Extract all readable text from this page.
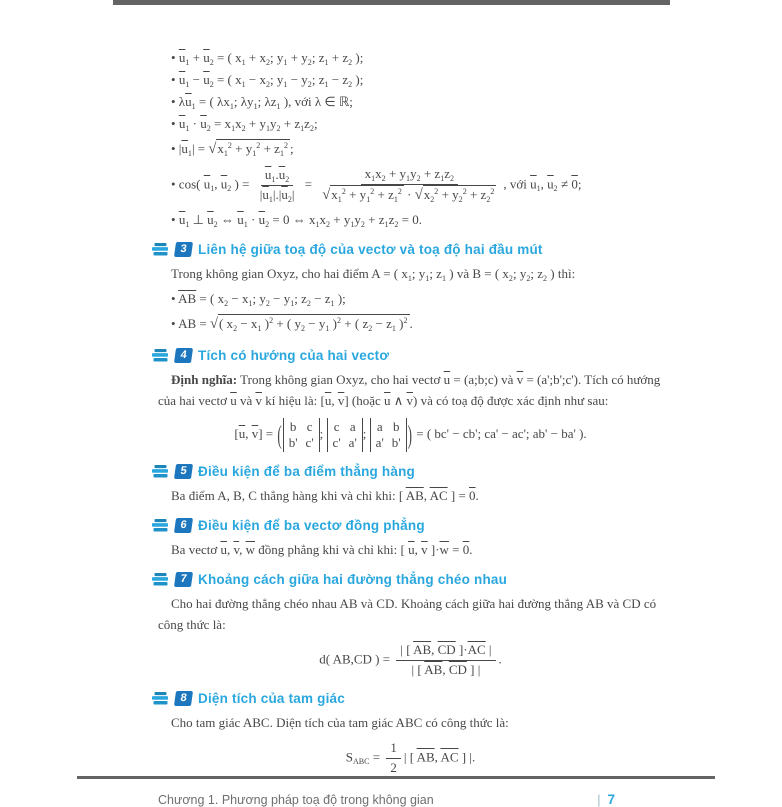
• $\overline{u}_1 + \overline{u}_2$ = ( $x_1 + x_2$; $y_1 + y_2$; $z_1 + z_2$ );
• $\overline{u}_1 - \overline{u}_2$ = ( $x_1 - x_2$; $y_1 - y_2$; $z_1 - z_2$ );
• $\lambda\overline{u}_1$ = ( $\lambda x_1$; $\lambda y_1$; $\lambda z_1$ ), với λ ∈ ℝ;
• $\overline{u}_1 \cdot \overline{u}_2 = x_1x_2 + y_1y_2 + z_1z_2$;
• $|\overline{u}_1| = √x_1^2 + y_1^2 + z_1^2$ ;
• cos( $\overline{u}_1$, $\overline{u}_2$ ) = $\frac{\overline{u}_1.\overline{u}_2}{|\overline{u}_1|.|\overline{u}_2|} = \frac{x_1x_2 + y_1y_2 + z_1z_2}{√x_1^2 + y_1^2 + z_1^2 \cdot √x_2^2 + y_2^2 + z_2^2}$ , với $\overline{u}_1$, $\overline{u}_2 \ne 0$;
• $\overline{u}_1$ ⊥ $\overline{u}_2$ ⇔ $\overline{u}_1 \cdot \overline{u}_2 = 0$ ⇔ $x_1x_2 + y_1y_2 + z_1z_2 = 0$.
3 Liên hệ giữa toạ độ của vectơ và toạ độ hai đầu mút

Trong không gian Oxyz, cho hai điểm A = ( $x_1$; $y_1$; $z_1$ ) và B = ( $x_2$; $y_2$; $z_2$ ) thì:

• $\overline{AB}$ = ( $x_2 - x_1$; $y_2 - y_1$; $z_2 - z_1$ );
• AB = √( $x_2 - x_1$ )$^2$ + ( $y_2 - y_1$ )$^2$ + ( $z_2 - z_1$ )$^2$ .
4 Tích có hướng của hai vectơ

Định nghĩa: Trong không gian Oxyz, cho hai vectơ $\overline{u}$ = (a;b;c) và $\overline{v}$ = (a';b';c'). Tích có hướng của hai vectơ $\overline{u}$ và $\overline{v}$ kí hiệu là: [$\overline{u}$, $\overline{v}$] (hoặc $\overline{u}$ ∧ $\overline{v}$) và có toạ độ được xác định như sau:

[$\overline{u}$, $\overline{v}$] = ( b c
b' c'
; c a
c' a'
; a b
a' b' ) = ( bc' − cb'; ca' − ac'; ab' − ba' ).
5 Điều kiện để ba điểm thẳng hàng

Ba điểm A, B, C thẳng hàng khi và chỉ khi: [ $\overline{AB}$, $\overline{AC}$ ] = 0.

6 Điều kiện để ba vectơ đồng phẳng

Ba vectơ $\overline{u}$, $\overline{v}$, $\overline{w}$ đồng phẳng khi và chỉ khi: [ $\overline{u}$, $\overline{v}$ ]$\cdot\overline{w} = 0$.

7 Khoảng cách giữa hai đường thẳng chéo nhau

Cho hai đường thẳng chéo nhau AB và CD. Khoảng cách giữa hai đường thẳng AB và CD có công thức là:

d( AB,CD ) = $\frac{| [ \overline{AB}, \overline{CD} ]\cdot\overline{AC} |}{| [ \overline{AB}, \overline{CD} ] |}$ .
8 Diện tích của tam giác

Cho tam giác ABC. Diện tích của tam giác ABC có công thức là:

$S_{ABC} = \frac{1}{2}$ | [ $\overline{AB}$, $\overline{AC}$ ] |.
Chương 1. Phương pháp toạ độ trong không gian	| 7
